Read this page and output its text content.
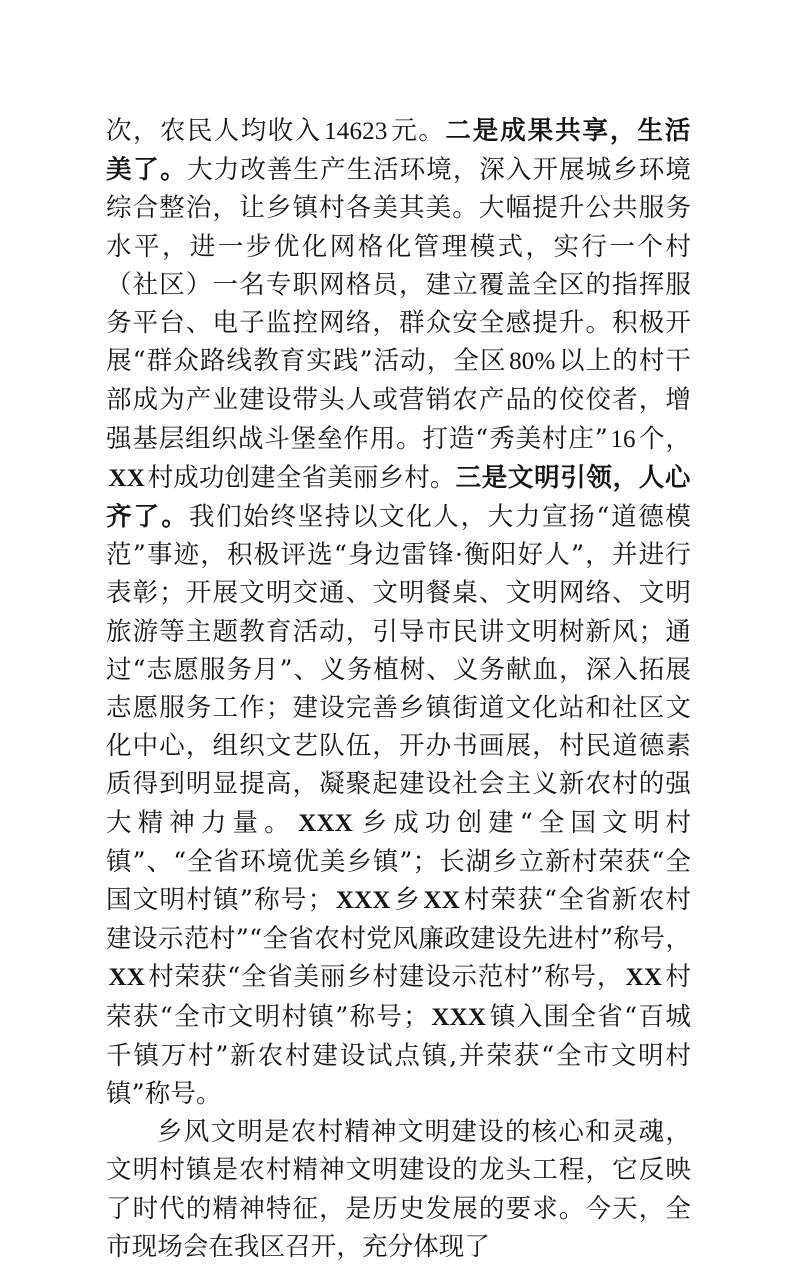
次，农民人均收入 14623元。二是成果共享，生活美了。大力改善生产生活环境，深入开展城乡环境综合整治，让乡镇村各美其美。大幅提升公共服务水平，进一步优化网格化管理模式，实行一个村（社区）一名专职网格员，建立覆盖全区的指挥服务平台、电子监控网络，群众安全感提升。积极开展“群众路线教育实践”活动，全区 80%以上的村干部成为产业建设带头人或营销农产品的佼佼者，增强基层组织战斗堡垒作用。打造“秀美村庄” 16个，XX村成功创建全省美丽乡村。三是文明引领，人心齐了。我们始终坚持以文化人，大力宣扬“道德模范”事迹，积极评选“身边雷锋·衡阳好人”，并进行表彰；开展文明交通、文明餐桌、文明网络、文明旅游等主题教育活动，引导市民讲文明树新风；通过“志愿服务月”、义务植树、义务献血，深入拓展志愿服务工作；建设完善乡镇街道文化站和社区文化中心，组织文艺队伍，开办书画展，村民道德素质得到明显提高，凝聚起建设社会主义新农村的强大精神力量。 XXX乡成功创建“全国文明村镇”、“全省环境优美乡镇”；长湖乡立新村荣获“全国文明村镇”称号； XXX乡 XX村荣获“全省新农村建设示范村”“全省农村党风廉政建设先进村”称号，XX村荣获“全省美丽乡村建设示范村”称号， XX村荣获“全市文明村镇”称号； XXX镇入围全省“百城千镇万村”新农村建设试点镇,并荣获“全市文明村镇”称号。

乡风文明是农村精神文明建设的核心和灵魂，文明村镇是农村精神文明建设的龙头工程，它反映了时代的精神特征，是历史发展的要求。今天，全市现场会在我区召开，充分体现了
